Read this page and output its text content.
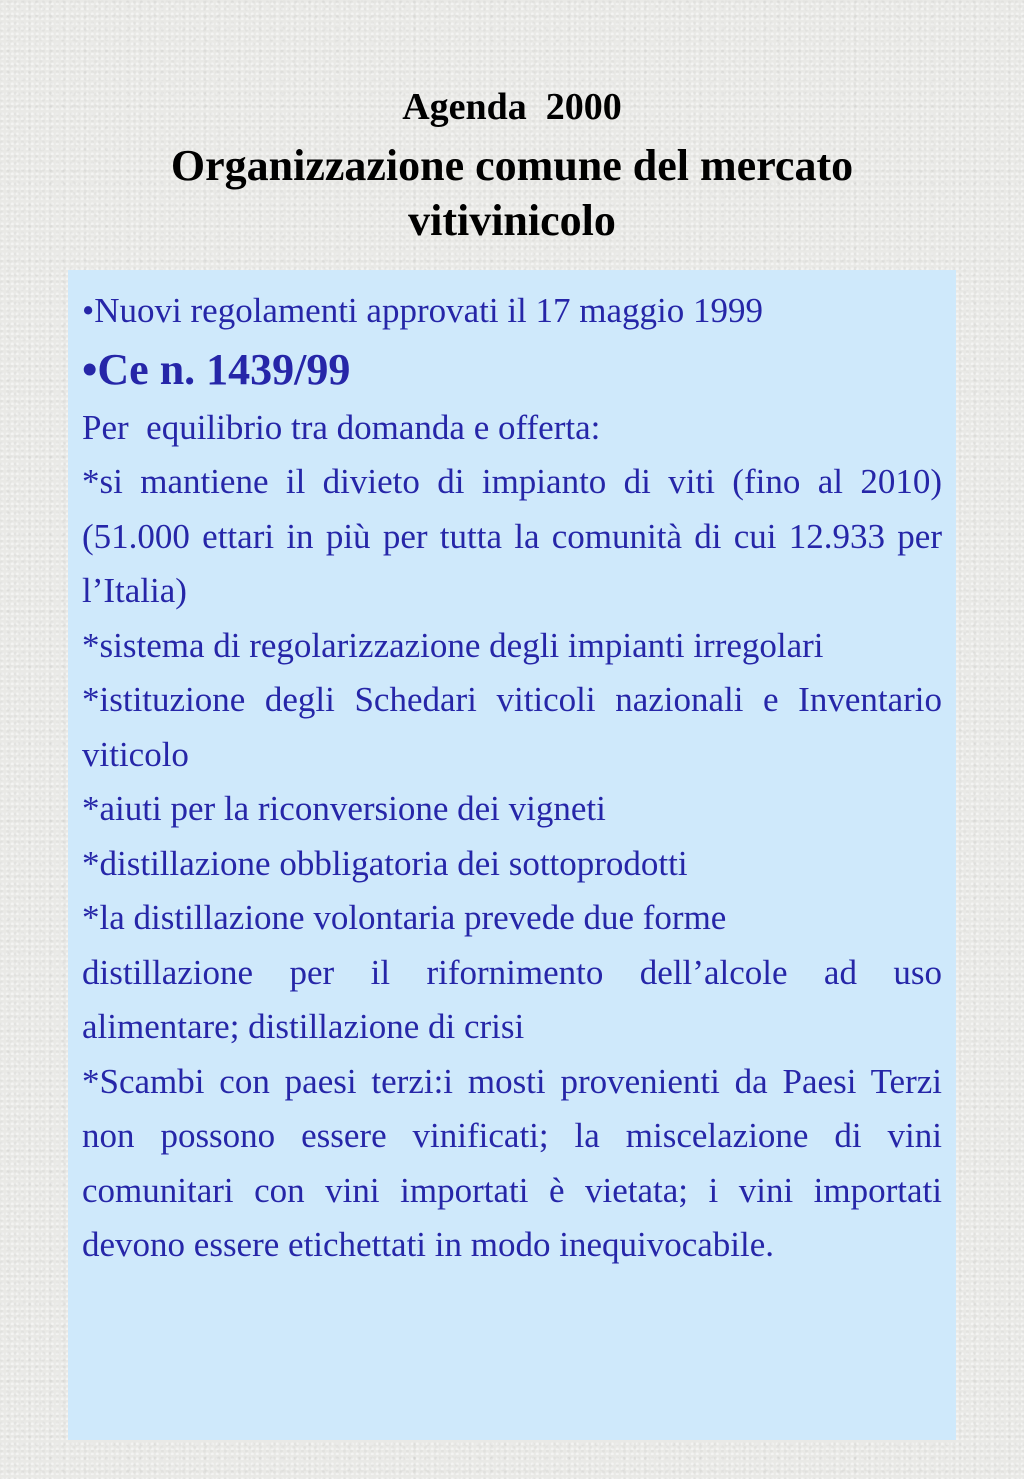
Agenda  2000

Organizzazione comune del mercato
vitivinicolo

•Nuovi regolamenti approvati il 17 maggio 1999

•Ce n. 1439/99

Per  equilibrio tra domanda e offerta:

*si mantiene il divieto di impianto di viti (fino al 2010) (51.000 ettari in più per tutta la comunità di cui 12.933 per l’Italia)

*sistema di regolarizzazione degli impianti irregolari

*istituzione degli Schedari viticoli nazionali e Inventario viticolo

*aiuti per la riconversione dei vigneti

*distillazione obbligatoria dei sottoprodotti

*la distillazione volontaria prevede due forme

distillazione per il rifornimento dell’alcole ad uso alimentare; distillazione di crisi

*Scambi con paesi terzi:i mosti provenienti da Paesi Terzi  non possono essere vinificati; la miscelazione di vini comunitari con vini importati è vietata; i vini importati devono essere etichettati in modo inequivocabile.
